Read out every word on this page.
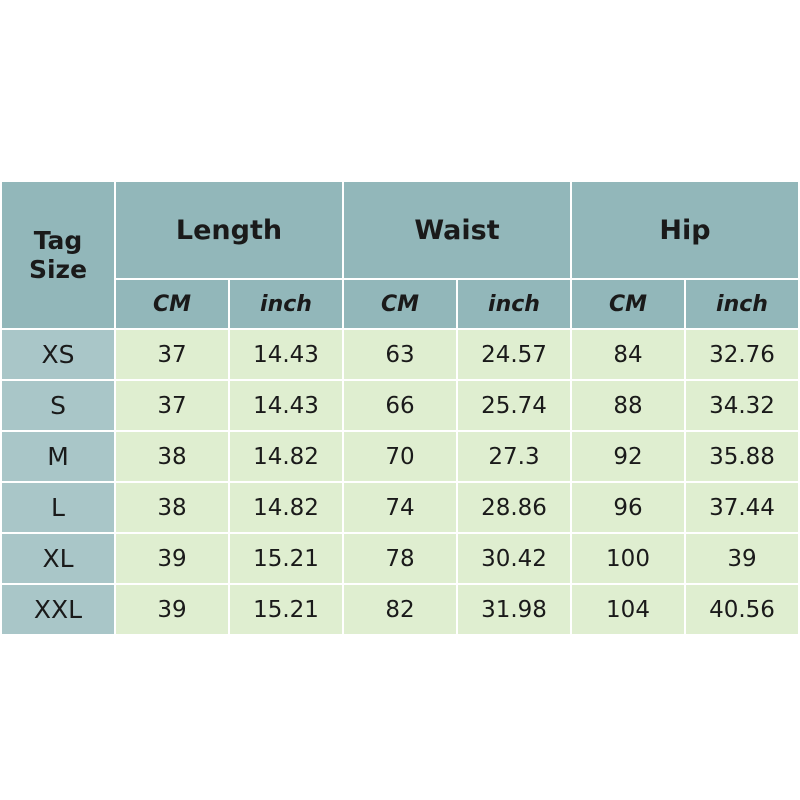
Tag Size	Length		Waist		Hip	
	CM	inch	CM	inch	CM	inch
XS	37	14.43	63	24.57	84	32.76
S	37	14.43	66	25.74	88	34.32
M	38	14.82	70	27.3	92	35.88
L	38	14.82	74	28.86	96	37.44
XL	39	15.21	78	30.42	100	39
XXL	39	15.21	82	31.98	104	40.56
